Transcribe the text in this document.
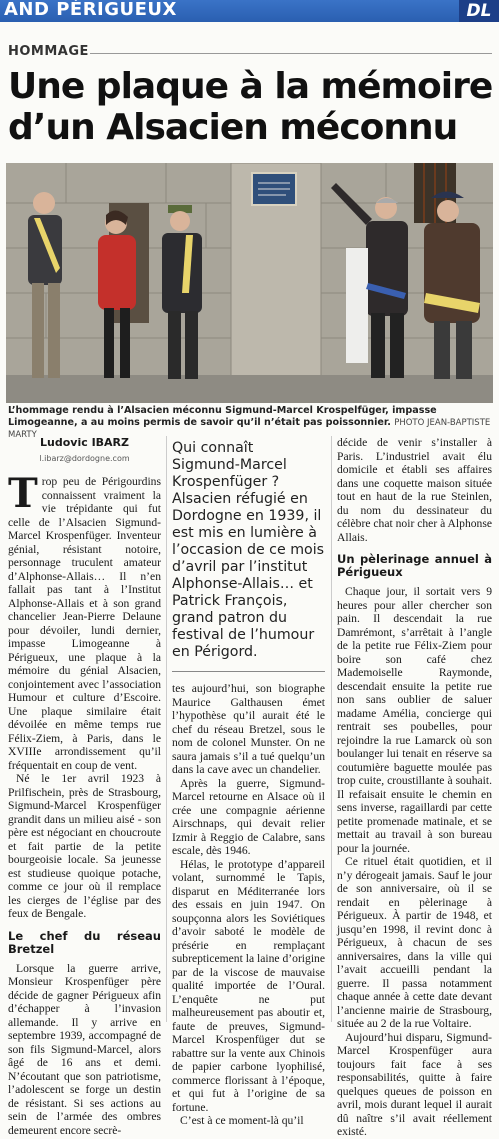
AND PÉRIGUEUX	DL
HOMMAGE
Une plaque à la mémoire d’un Alsacien méconnu
L’hommage rendu à l’Alsacien méconnu Sigmund-Marcel Krospelfüger, impasse Limogeanne, a au moins permis de savoir qu’il n’était pas poissonnier. PHOTO JEAN-BAPTISTE MARTY
Ludovic IBARZ
l.ibarz@dordogne.com

Trop peu de Périgourdins connaissent vraiment la vie trépidante qui fut celle de l’Alsacien Sigmund-Marcel Krospenfüger. Inventeur génial, résistant notoire, personnage truculent amateur d’Alphonse-Allais… Il n’en fallait pas tant à l’Institut Alphonse-Allais et à son grand chancelier Jean-Pierre Delaune pour dévoiler, lundi dernier, impasse Limogeanne à Périgueux, une plaque à la mémoire du génial Alsacien, conjointement avec l’association Humour et culture d’Escoire. Une plaque similaire était dévoilée en même temps rue Félix-Ziem, à Paris, dans le XVIIIe arrondissement qu’il fréquentait en coup de vent.

Né le 1er avril 1923 à Prilfischein, près de Strasbourg, Sigmund-Marcel Krospenfüger grandit dans un milieu aisé - son père est négociant en choucroute et fait partie de la petite bourgeoisie locale. Sa jeunesse est studieuse quoique potache, comme ce jour où il remplace les cierges de l’église par des feux de Bengale.

Le chef du réseau Bretzel

Lorsque la guerre arrive, Monsieur Krospenfüger père décide de gagner Périgueux afin d’échapper à l’invasion allemande. Il y arrive en septembre 1939, accompagné de son fils Sigmund-Marcel, alors âgé de 16 ans et demi. N’écoutant que son patriotisme, l’adolescent se forge un destin de résistant. Si ses actions au sein de l’armée des ombres demeurent encore secrè-

Qui connaît Sigmund-Marcel Krospenfüger ? Alsacien réfugié en Dordogne en 1939, il est mis en lumière à l’occasion de ce mois d’avril par l’institut Alphonse-Allais… et Patrick François, grand patron du festival de l’humour en Périgord.

tes aujourd’hui, son biographe Maurice Galthausen émet l’hypothèse qu’il aurait été le chef du réseau Bretzel, sous le nom de colonel Munster. On ne saura jamais s’il a tué quelqu’un dans la cave avec un chandelier.

Après la guerre, Sigmund-Marcel retourne en Alsace où il crée une compagnie aérienne Airschnaps, qui devait relier Izmir à Reggio de Calabre, sans escale, dès 1946.

Hélas, le prototype d’appareil volant, surnommé le Tapis, disparut en Méditerranée lors des essais en juin 1947. On soupçonna alors les Soviétiques d’avoir saboté le modèle de présérie en remplaçant subrepticement la laine d’origine par de la viscose de mauvaise qualité importée de l’Oural. L’enquête ne put malheureusement pas aboutir et, faute de preuves, Sigmund-Marcel Krospenfüger dut se rabattre sur la vente aux Chinois de papier carbone lyophilisé, commerce florissant à l’époque, et qui fut à l’origine de sa fortune.

C’est à ce moment-là qu’il

décide de venir s’installer à Paris. L’industriel avait élu domicile et établi ses affaires dans une coquette maison située tout en haut de la rue Steinlen, du nom du dessinateur du célèbre chat noir cher à Alphonse Allais.

Un pèlerinage annuel à Périgueux

Chaque jour, il sortait vers 9 heures pour aller chercher son pain. Il descendait la rue Damrémont, s’arrêtait à l’angle de la petite rue Félix-Ziem pour boire son café chez Mademoiselle Raymonde, descendait ensuite la petite rue non sans oublier de saluer madame Amélia, concierge qui rentrait ses poubelles, pour rejoindre la rue Lamarck où son boulanger lui tenait en réserve sa coutumière baguette moulée pas trop cuite, croustillante à souhait. Il refaisait ensuite le chemin en sens inverse, ragaillardi par cette petite promenade matinale, et se mettait au travail à son bureau pour la journée.

Ce rituel était quotidien, et il n’y dérogeait jamais. Sauf le jour de son anniversaire, où il se rendait en pèlerinage à Périgueux. À partir de 1948, et jusqu’en 1998, il revint donc à Périgueux, à chacun de ses anniversaires, dans la ville qui l’avait accueilli pendant la guerre. Il passa notamment chaque année à cette date devant l’ancienne mairie de Strasbourg, située au 2 de la rue Voltaire.

Aujourd’hui disparu, Sigmund-Marcel Krospenfüger aura toujours fait face à ses responsabilités, quitte à faire quelques queues de poisson en avril, mois durant lequel il aurait dû naître s’il avait réellement existé.
